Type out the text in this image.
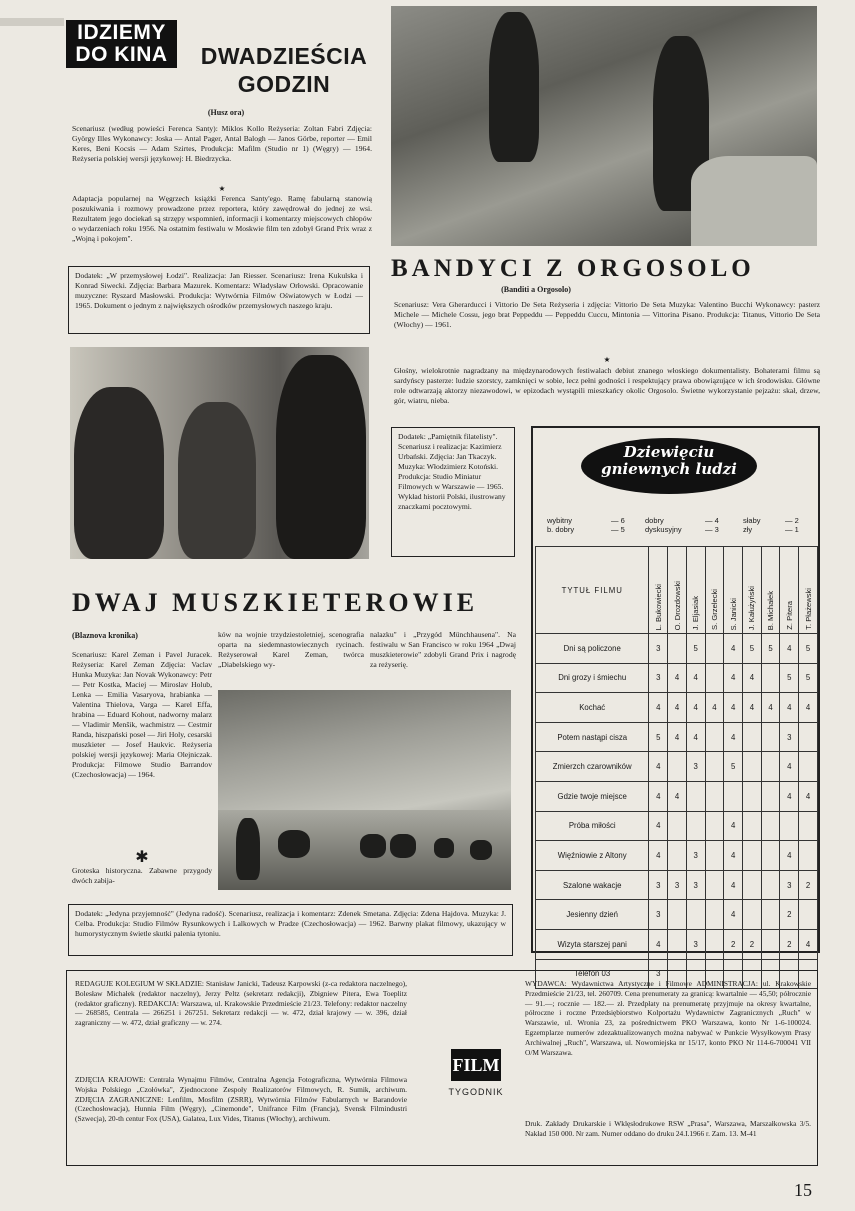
IDZIEMY
DO KINA	DWADZIEŚCIA
GODZIN
(Husz ora)
Scenariusz (według powieści Ferenca Santy): Miklos Kollo Reżyseria: Zoltan Fabri Zdjęcia: György Illes Wykonawcy: Joska — Antal Pager, Antal Balogh — Janos Görbe, reporter — Emil Keres, Beni Kocsis — Adam Szirtes, Produkcja: Mafilm (Studio nr 1) (Węgry) — 1964. Reżyseria polskiej wersji językowej: H. Biedrzycka.
★
Adaptacja popularnej na Węgrzech książki Ferenca Santy'ego. Ramę fabularną stanowią poszukiwania i rozmowy prowadzone przez reportera, który zawędrował do jednej ze wsi. Rezultatem jego dociekań są strzępy wspomnień, informacji i komentarzy miejscowych chłopów o wydarzeniach roku 1956. Na ostatnim festiwalu w Moskwie film ten zdobył Grand Prix wraz z „Wojną i pokojem".
Dodatek: „W przemysłowej Łodzi". Realizacja: Jan Riesser. Scenariusz: Irena Kukulska i Konrad Siwecki. Zdjęcia: Barbara Mazurek. Komentarz: Władysław Orłowski. Opracowanie muzyczne: Ryszard Masłowski. Produkcja: Wytwórnia Filmów Oświatowych w Łodzi — 1965. Dokument o jednym z największych ośrodków przemysłowych naszego kraju.
BANDYCI Z ORGOSOLO
(Banditi a Orgosolo)
Scenariusz: Vera Gherarducci i Vittorio De Seta Reżyseria i zdjęcia: Vittorio De Seta Muzyka: Valentino Bucchi Wykonawcy: pasterz Michele — Michele Cossu, jego brat Peppeddu — Peppeddu Cuccu, Mintonia — Vittorina Pisano. Produkcja: Titanus, Vittorio De Seta (Włochy) — 1961.
★
Głośny, wielokrotnie nagradzany na międzynarodowych festiwalach debiut znanego włoskiego dokumentalisty. Bohaterami filmu są sardyńscy pasterze: ludzie szorstcy, zamknięci w sobie, lecz pełni godności i respektujący prawa obowiązujące w ich środowisku. Główne role odtwarzają aktorzy niezawodowi, w epizodach wystąpili mieszkańcy okolic Orgosolo. Świetne wykorzystanie pejzażu: skał, drzew, gór, wiatru, nieba.
Dodatek: „Pamiętnik filatelisty". Scenariusz i realizacja: Kazimierz Urbański. Zdjęcia: Jan Tkaczyk. Muzyka: Włodzimierz Kotoński. Produkcja: Studio Miniatur Filmowych w Warszawie — 1965. Wykład historii Polski, ilustrowany znaczkami pocztowymi.
Dziewięciu
gniewnych ludzi
wybitny	— 6
b. dobry	— 5
dobry	— 4
dyskusyjny	— 3
słaby	— 2
zły	— 1
TYTUŁ FILMU	L. Bukowiecki	O. Drozdowski	J. Eljasiak	S. Grzelecki	S. Janicki	J. Kałużyński	B. Michałek	Z. Pitera	T. Płażewski

Dni są policzone	3		5		4	5	5	4	5
Dni grozy i śmiechu	3	4	4		4	4		5	5
Kochać	4	4	4	4	4	4	4	4	4
Potem nastąpi cisza	5	4	4		4			3	
Zmierzch czarowników	4		3		5			4	
Gdzie twoje miejsce	4	4						4	4
Próba miłości	4				4				
Więźniowie z Altony	4		3		4			4	
Szalone wakacje	3	3	3		4			3	2
Jesienny dzień	3				4			2	
Wizyta starszej pani	4		3		2	2		2	4
Telefon 03	3								
DWAJ MUSZKIETEROWIE
(Blaznova kronika)
Scenariusz: Karel Zeman i Pavel Juracek. Reżyseria: Karel Zeman Zdjęcia: Vaclav Hunka Muzyka: Jan Novak Wykonawcy: Petr — Petr Kostka, Maciej — Miroslav Holub, Lenka — Emilia Vasaryova, hrabianka — Valentina Thielova, Varga — Karel Effa, hrabina — Eduard Kohout, nadworny malarz — Vladimir Menšik, wachmistrz — Cestmir Randa, hiszpański poseł — Jiri Holy, cesarski muszkieter — Josef Haukvic. Reżyseria polskiej wersji językowej: Maria Olejniczak. Produkcja: Filmowe Studio Barrandov (Czechosłowacja) — 1964.
✱
Groteska historyczna. Zabawne przygody dwóch zabija-
ków na wojnie trzydziestoletniej, scenografia oparta na siedemnastowiecznych rycinach. Reżyserował Karel Zeman, twórca „Diabelskiego wy-
nalazku" i „Przygód Münchhausena". Na festiwalu w San Francisco w roku 1964 „Dwaj muszkieterowie" zdobyli Grand Prix i nagrodę za reżyserię.
Dodatek: „Jedyna przyjemność" (Jedyna radość). Scenariusz, realizacja i komentarz: Zdenek Smetana. Zdjęcia: Zdena Hajdova. Muzyka: J. Celba. Produkcja: Studio Filmów Rysunkowych i Lalkowych w Pradze (Czechosłowacja) — 1962. Barwny plakat filmowy, ukazujący w humorystycznym świetle skutki palenia tytoniu.
REDAGUJE KOLEGIUM W SKŁADZIE: Stanisław Janicki, Tadeusz Karpowski (z-ca redaktora naczelnego), Bolesław Michałek (redaktor naczelny), Jerzy Peltz (sekretarz redakcji), Zbigniew Pitera, Ewa Toeplitz (redaktor graficzny). REDAKCJA: Warszawa, ul. Krakowskie Przedmieście 21/23. Telefony: redaktor naczelny — 268585, Centrala — 266251 i 267251. Sekretarz redakcji — w. 472, dział krajowy — w. 396, dział zagraniczny — w. 472, dział graficzny — w. 274.
ZDJĘCIA KRAJOWE: Centrala Wynajmu Filmów, Centralna Agencja Fotograficzna, Wytwórnia Filmowa Wojska Polskiego „Czołówka", Zjednoczone Zespoły Realizatorów Filmowych, R. Sumik, archiwum. ZDJĘCIA ZAGRANICZNE: Lenfilm, Mosfilm (ZSRR), Wytwórnia Filmów Fabularnych w Barandovie (Czechosłowacja), Hunnia Film (Węgry), „Cinemonde", Unifrance Film (Francja), Svensk Filmindustri (Szwecja), 20-th centur Fox (USA), Galatea, Lux Vides, Titanus (Włochy), archiwum.
FILM
TYGODNIK
WYDAWCA: Wydawnictwa Artystyczne i Filmowe ADMINISTRACJA: ul. Krakowskie Przedmieście 21/23, tel. 260709. Cena prenumeraty za granicą: kwartalnie — 45,50; półrocznie — 91.—; rocznie — 182.— zł. Przedpłaty na prenumeratę przyjmuje na okresy kwartalne, półroczne i roczne Przedsiębiorstwo Kolportażu Wydawnictw Zagranicznych „Ruch" w Warszawie, ul. Wronia 23, za pośrednictwem PKO Warszawa, konto Nr 1-6-100024. Egzemplarze numerów zdezaktualizowanych można nabywać w Punkcie Wysyłkowym Prasy Archiwalnej „Ruch", Warszawa, ul. Nowomiejska nr 15/17, konto PKO Nr 114-6-700041 VII O/M Warszawa.
Druk. Zakłady Drukarskie i Wklęsłodrukowe RSW „Prasa", Warszawa, Marszałkowska 3/5. Nakład 150 000. Nr zam. Numer oddano do druku 24.I.1966 r. Zam. 13. M-41
15
